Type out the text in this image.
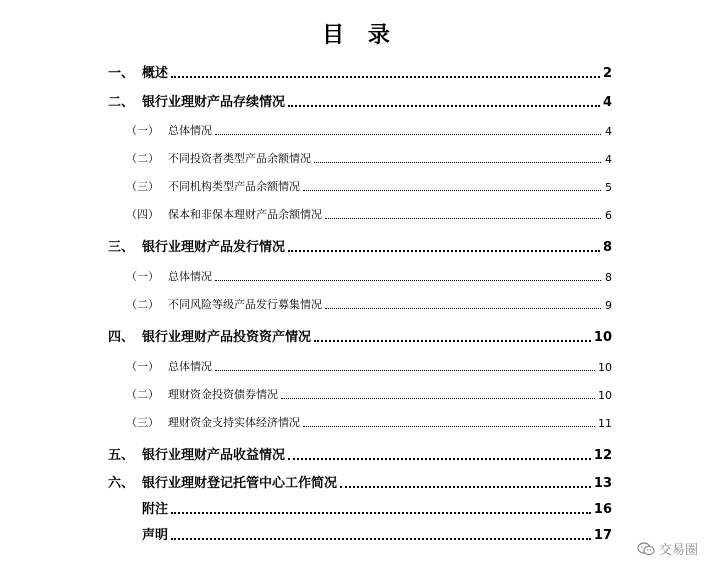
目 录
一、 概述	2
二、 银行业理财产品存续情况	4
（一） 总体情况	4
（二） 不同投资者类型产品余额情况	4
（三） 不同机构类型产品余额情况	5
（四） 保本和非保本理财产品余额情况	6
三、 银行业理财产品发行情况	8
（一） 总体情况	8
（二） 不同风险等级产品发行募集情况	9
四、 银行业理财产品投资资产情况	10
（一） 总体情况	10
（二） 理财资金投资债券情况	10
（三） 理财资金支持实体经济情况	11
五、 银行业理财产品收益情况	12
六、 银行业理财登记托管中心工作简况	13
附注	16
声明	17
交易圈
